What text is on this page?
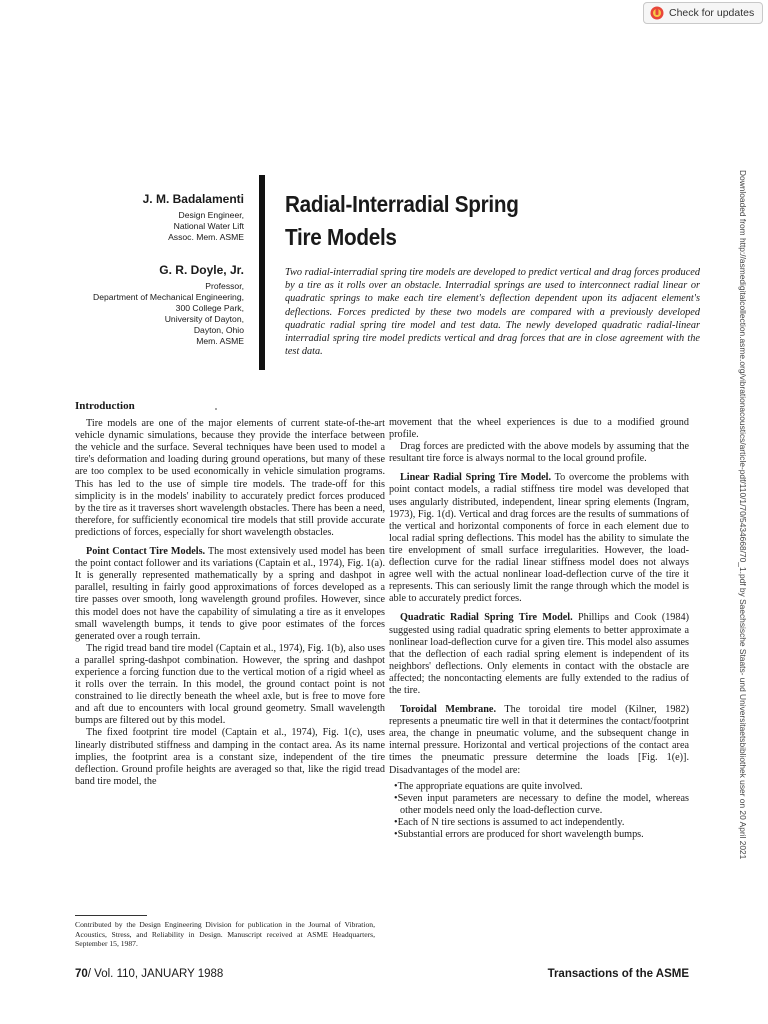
Check for updates
Downloaded from http://asmedigitalcollection.asme.org/vibrationacoustics/article-pdf/110/1/70/5434668/70_1.pdf by Saechsische Staats- und Universitaetsbibliothek user on 20 April 2021
J. M. Badalamenti
Design Engineer,
National Water Lift
Assoc. Mem. ASME
G. R. Doyle, Jr.
Professor,
Department of Mechanical Engineering,
300 College Park,
University of Dayton,
Dayton, Ohio
Mem. ASME
Radial-Interradial Spring
Tire Models
Two radial-interradial spring tire models are developed to predict vertical and drag forces produced by a tire as it rolls over an obstacle. Interradial springs are used to interconnect radial linear or quadratic springs to make each tire element's deflection dependent upon its adjacent element's deflections. Forces predicted by these two models are compared with a previously developed quadratic radial spring tire model and test data. The newly developed quadratic radial-linear interradial spring tire model predicts vertical and drag forces that are in close agreement with the test data.
Introduction

Tire models are one of the major elements of current state-of-the-art vehicle dynamic simulations, because they provide the interface between the vehicle and the surface. Several techniques have been used to model a tire's deformation and loading during ground operations, but many of these are too complex to be used economically in vehicle simulation programs. This has led to the use of simple tire models. The trade-off for this simplicity is in the models' inability to accurately predict forces produced by the tire as it traverses short wavelength obstacles. There has been a need, therefore, for sufficiently economical tire models that still provide accurate predictions of forces, especially for short wavelength obstacles.

Point Contact Tire Models. The most extensively used model has been the point contact follower and its variations (Captain et al., 1974), Fig. 1(a). It is generally represented mathematically by a spring and dashpot in parallel, resulting in fairly good approximations of forces developed as a tire passes over smooth, long wavelength ground profiles. However, since this model does not have the capability of simulating a tire as it envelopes small wavelength bumps, it tends to give poor estimates of the forces generated over a rough terrain.

The rigid tread band tire model (Captain et al., 1974), Fig. 1(b), also uses a parallel spring-dashpot combination. However, the spring and dashpot experience a forcing function due to the vertical motion of a rigid wheel as it rolls over the terrain. In this model, the ground contact point is not constrained to lie directly beneath the wheel axle, but is free to move fore and aft due to encounters with local ground geometry. Small wavelength bumps are filtered out by this model.

The fixed footprint tire model (Captain et al., 1974), Fig. 1(c), uses linearly distributed stiffness and damping in the contact area. As its name implies, the footprint area is a constant size, independent of the tire deflection. Ground profile heights are averaged so that, like the rigid tread band tire model, the

movement that the wheel experiences is due to a modified ground profile.

Drag forces are predicted with the above models by assuming that the resultant tire force is always normal to the local ground profile.

Linear Radial Spring Tire Model. To overcome the problems with point contact models, a radial stiffness tire model was developed that uses angularly distributed, independent, linear spring elements (Ingram, 1973), Fig. 1(d). Vertical and drag forces are the results of summations of the vertical and horizontal components of force in each element due to local radial spring deflections. This model has the ability to simulate the tire envelopment of small surface irregularities. However, the load-deflection curve for the radial linear stiffness model does not always agree well with the actual nonlinear load-deflection curve of the tire it represents. This can seriously limit the range through which the model is able to accurately predict forces.

Quadratic Radial Spring Tire Model. Phillips and Cook (1984) suggested using radial quadratic spring elements to better approximate a nonlinear load-deflection curve for a given tire. This model also assumes that the deflection of each radial spring element is independent of its neighbors' deflections. Only elements in contact with the obstacle are affected; the noncontacting elements are fully extended to the radius of the tire.

Toroidal Membrane. The toroidal tire model (Kilner, 1982) represents a pneumatic tire well in that it determines the contact/footprint area, the change in pneumatic volume, and the subsequent change in internal pressure. Horizontal and vertical projections of the contact area times the pneumatic pressure determine the loads [Fig. 1(e)]. Disadvantages of the model are:

•The appropriate equations are quite involved.
•Seven input parameters are necessary to define the model, whereas other models need only the load-deflection curve.
•Each of N tire sections is assumed to act independently.
•Substantial errors are produced for short wavelength bumps.
Contributed by the Design Engineering Division for publication in the Journal of Vibration, Acoustics, Stress, and Reliability in Design. Manuscript received at ASME Headquarters, September 15, 1987.
70/ Vol. 110, JANUARY 1988	Transactions of the ASME
